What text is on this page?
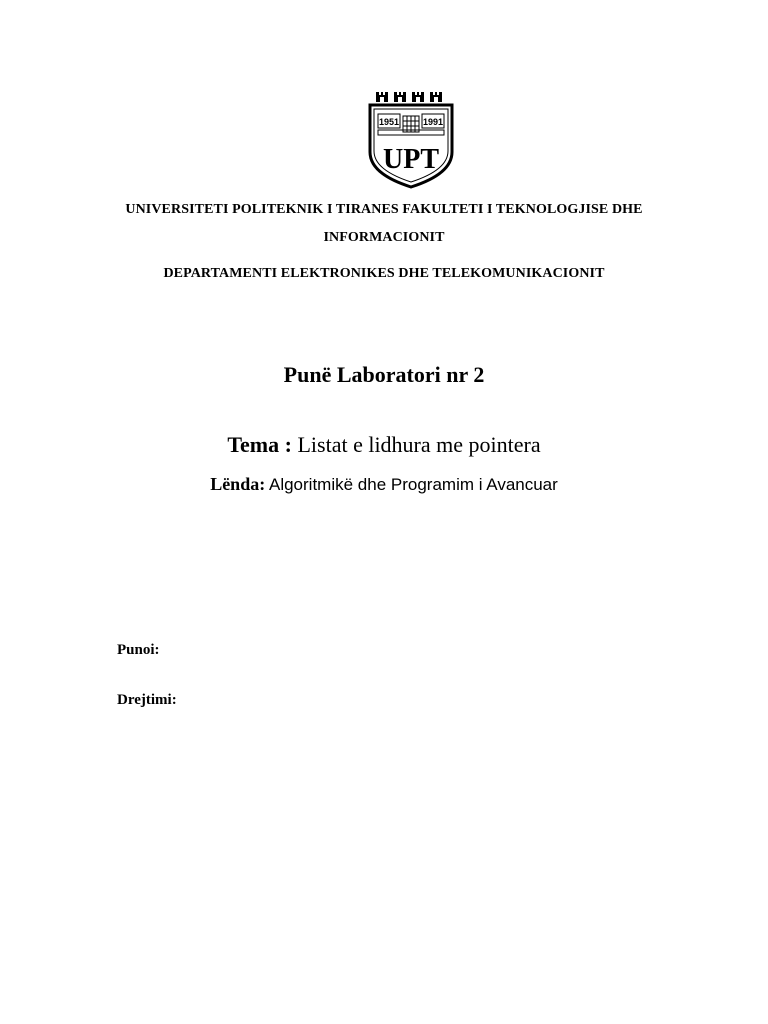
1951	1991
UPT
UNIVERSITETI POLITEKNIK I TIRANES FAKULTETI I TEKNOLOGJISE DHE
INFORMACIONIT
DEPARTAMENTI ELEKTRONIKES DHE TELEKOMUNIKACIONIT
Punë Laboratori nr 2
Tema : Listat e lidhura me pointera
Lënda: Algoritmikë dhe Programim i Avancuar
Punoi:
Drejtimi:
